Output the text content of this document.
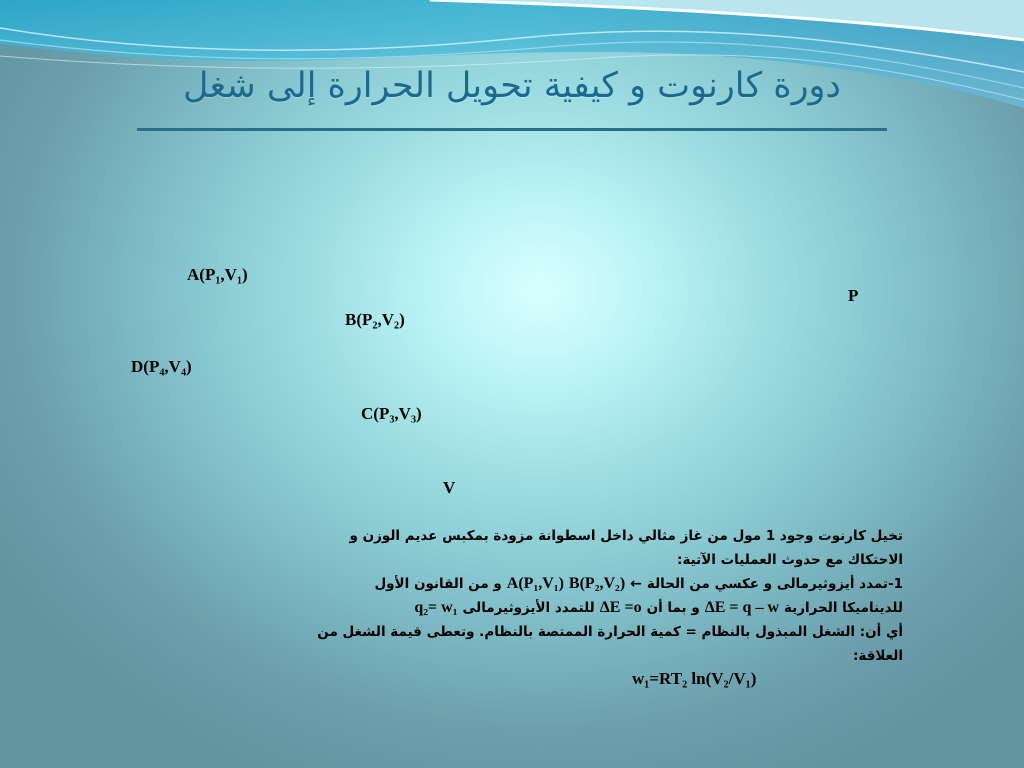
دورة كارنوت و كيفية تحويل الحرارة إلى شغل
A(P₁,V₁)
P
B(P₂,V₂)
D(P₄,V₄)
C(P₃,V₃)
V
تخيل كارنوت وجود 1 مول من غاز مثالي داخل اسطوانة مزودة بمكبس عديم الوزن و
الاحتكاك مع حدوث العمليات الآتية:
1-تمدد أيزوثيرمالى و عكسي من الحالة
←
B(P₂,V₂)
A(P₁,V₁)
و من القانون الأول
للديناميكا الحرارية
ΔE = q – w
و بما أن
ΔE =o
للتمدد الأيزوثيرمالى
q₂= w₁
أي أن: الشغل المبذول بالنظام = كمية الحرارة الممتصة بالنظام. وتعطى قيمة الشغل من
العلاقة:
w₁=RT₂ ln(V₂/V₁)
